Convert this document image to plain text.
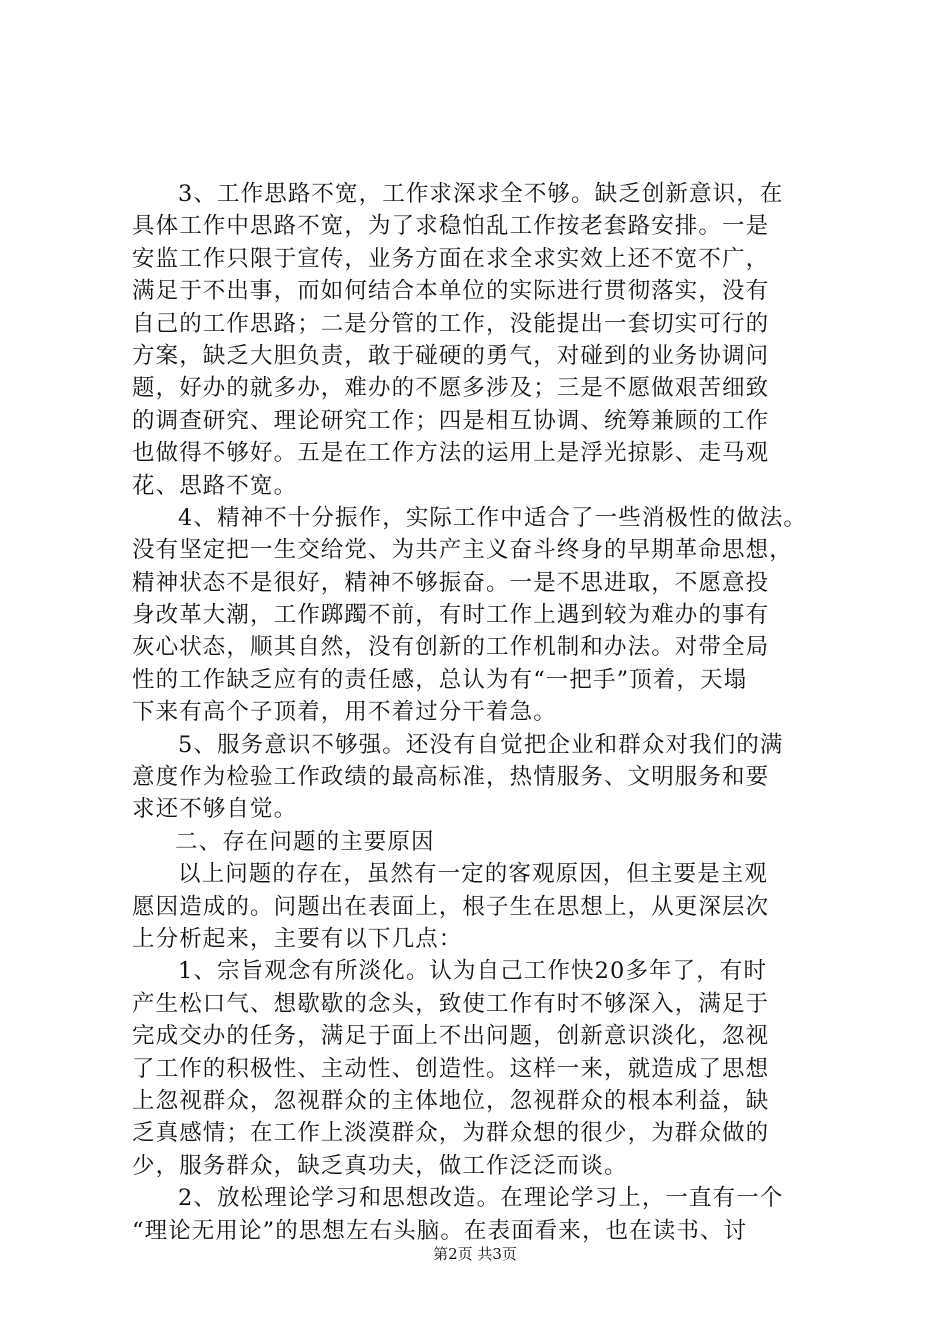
3、工作思路不宽，工作求深求全不够。缺乏创新意识，在
具体工作中思路不宽，为了求稳怕乱工作按老套路安排。一是
安监工作只限于宣传，业务方面在求全求实效上还不宽不广，
满足于不出事，而如何结合本单位的实际进行贯彻落实，没有
自己的工作思路；二是分管的工作，没能提出一套切实可行的
方案，缺乏大胆负责，敢于碰硬的勇气，对碰到的业务协调问
题，好办的就多办，难办的不愿多涉及；三是不愿做艰苦细致
的调查研究、理论研究工作；四是相互协调、统筹兼顾的工作
也做得不够好。五是在工作方法的运用上是浮光掠影、走马观
花、思路不宽。
4、精神不十分振作，实际工作中适合了一些消极性的做法。
没有坚定把一生交给党、为共产主义奋斗终身的早期革命思想，
精神状态不是很好，精神不够振奋。一是不思进取，不愿意投
身改革大潮，工作踯躅不前，有时工作上遇到较为难办的事有
灰心状态，顺其自然，没有创新的工作机制和办法。对带全局
性的工作缺乏应有的责任感，总认为有“一把手”顶着，天塌
下来有高个子顶着，用不着过分干着急。
5、服务意识不够强。还没有自觉把企业和群众对我们的满
意度作为检验工作政绩的最高标准，热情服务、文明服务和要
求还不够自觉。
二、存在问题的主要原因
以上问题的存在，虽然有一定的客观原因，但主要是主观
愿因造成的。问题出在表面上，根子生在思想上，从更深层次
上分析起来，主要有以下几点：
1、宗旨观念有所淡化。认为自己工作快20多年了，有时
产生松口气、想歇歇的念头，致使工作有时不够深入，满足于
完成交办的任务，满足于面上不出问题，创新意识淡化，忽视
了工作的积极性、主动性、创造性。这样一来，就造成了思想
上忽视群众，忽视群众的主体地位，忽视群众的根本利益，缺
乏真感情；在工作上淡漠群众，为群众想的很少，为群众做的
少，服务群众，缺乏真功夫，做工作泛泛而谈。
2、放松理论学习和思想改造。在理论学习上，一直有一个
“理论无用论”的思想左右头脑。在表面看来，也在读书、讨
第2页 共3页
